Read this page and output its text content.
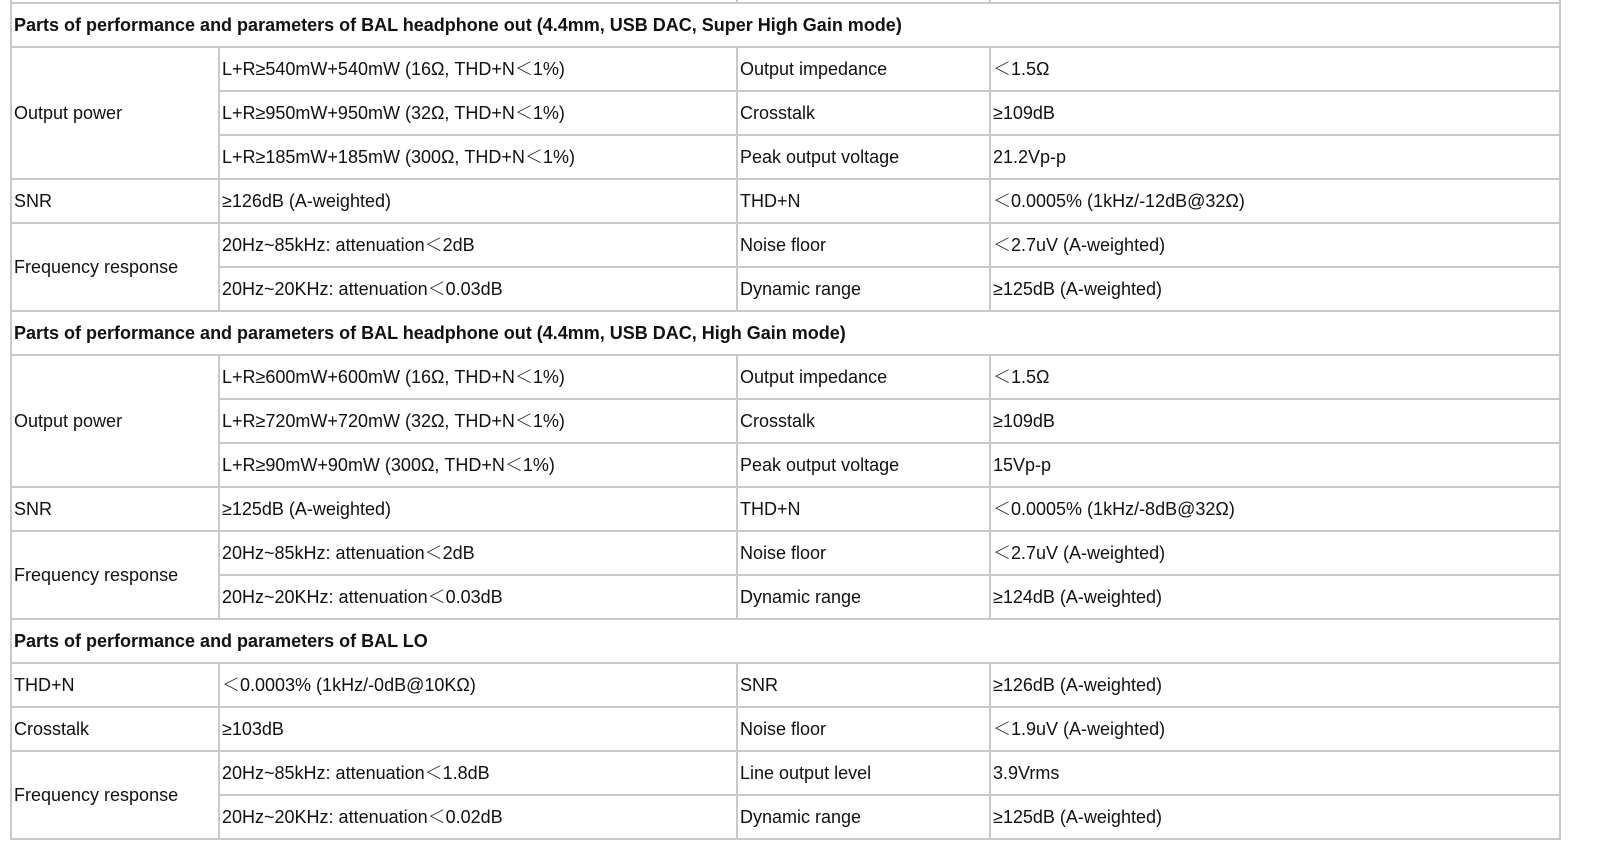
Parts of performance and parameters of BAL headphone out (4.4mm, USB DAC, Super High Gain mode)			
Output power	L+R≥540mW+540mW (16Ω, THD+N＜1%)	Output impedance	＜1.5Ω
	L+R≥950mW+950mW (32Ω, THD+N＜1%)	Crosstalk	≥109dB
	L+R≥185mW+185mW (300Ω, THD+N＜1%)	Peak output voltage	21.2Vp-p
SNR	≥126dB (A-weighted)	THD+N	＜0.0005% (1kHz/-12dB@32Ω)
Frequency response	20Hz~85kHz: attenuation＜2dB	Noise floor	＜2.7uV (A-weighted)
	20Hz~20KHz: attenuation＜0.03dB	Dynamic range	≥125dB (A-weighted)
Parts of performance and parameters of BAL headphone out (4.4mm, USB DAC, High Gain mode)			
Output power	L+R≥600mW+600mW (16Ω, THD+N＜1%)	Output impedance	＜1.5Ω
	L+R≥720mW+720mW (32Ω, THD+N＜1%)	Crosstalk	≥109dB
	L+R≥90mW+90mW (300Ω, THD+N＜1%)	Peak output voltage	15Vp-p
SNR	≥125dB (A-weighted)	THD+N	＜0.0005% (1kHz/-8dB@32Ω)
Frequency response	20Hz~85kHz: attenuation＜2dB	Noise floor	＜2.7uV (A-weighted)
	20Hz~20KHz: attenuation＜0.03dB	Dynamic range	≥124dB (A-weighted)
Parts of performance and parameters of BAL LO			
THD+N	＜0.0003% (1kHz/-0dB@10KΩ)	SNR	≥126dB (A-weighted)
Crosstalk	≥103dB	Noise floor	＜1.9uV (A-weighted)
Frequency response	20Hz~85kHz: attenuation＜1.8dB	Line output level	3.9Vrms
	20Hz~20KHz: attenuation＜0.02dB	Dynamic range	≥125dB (A-weighted)
